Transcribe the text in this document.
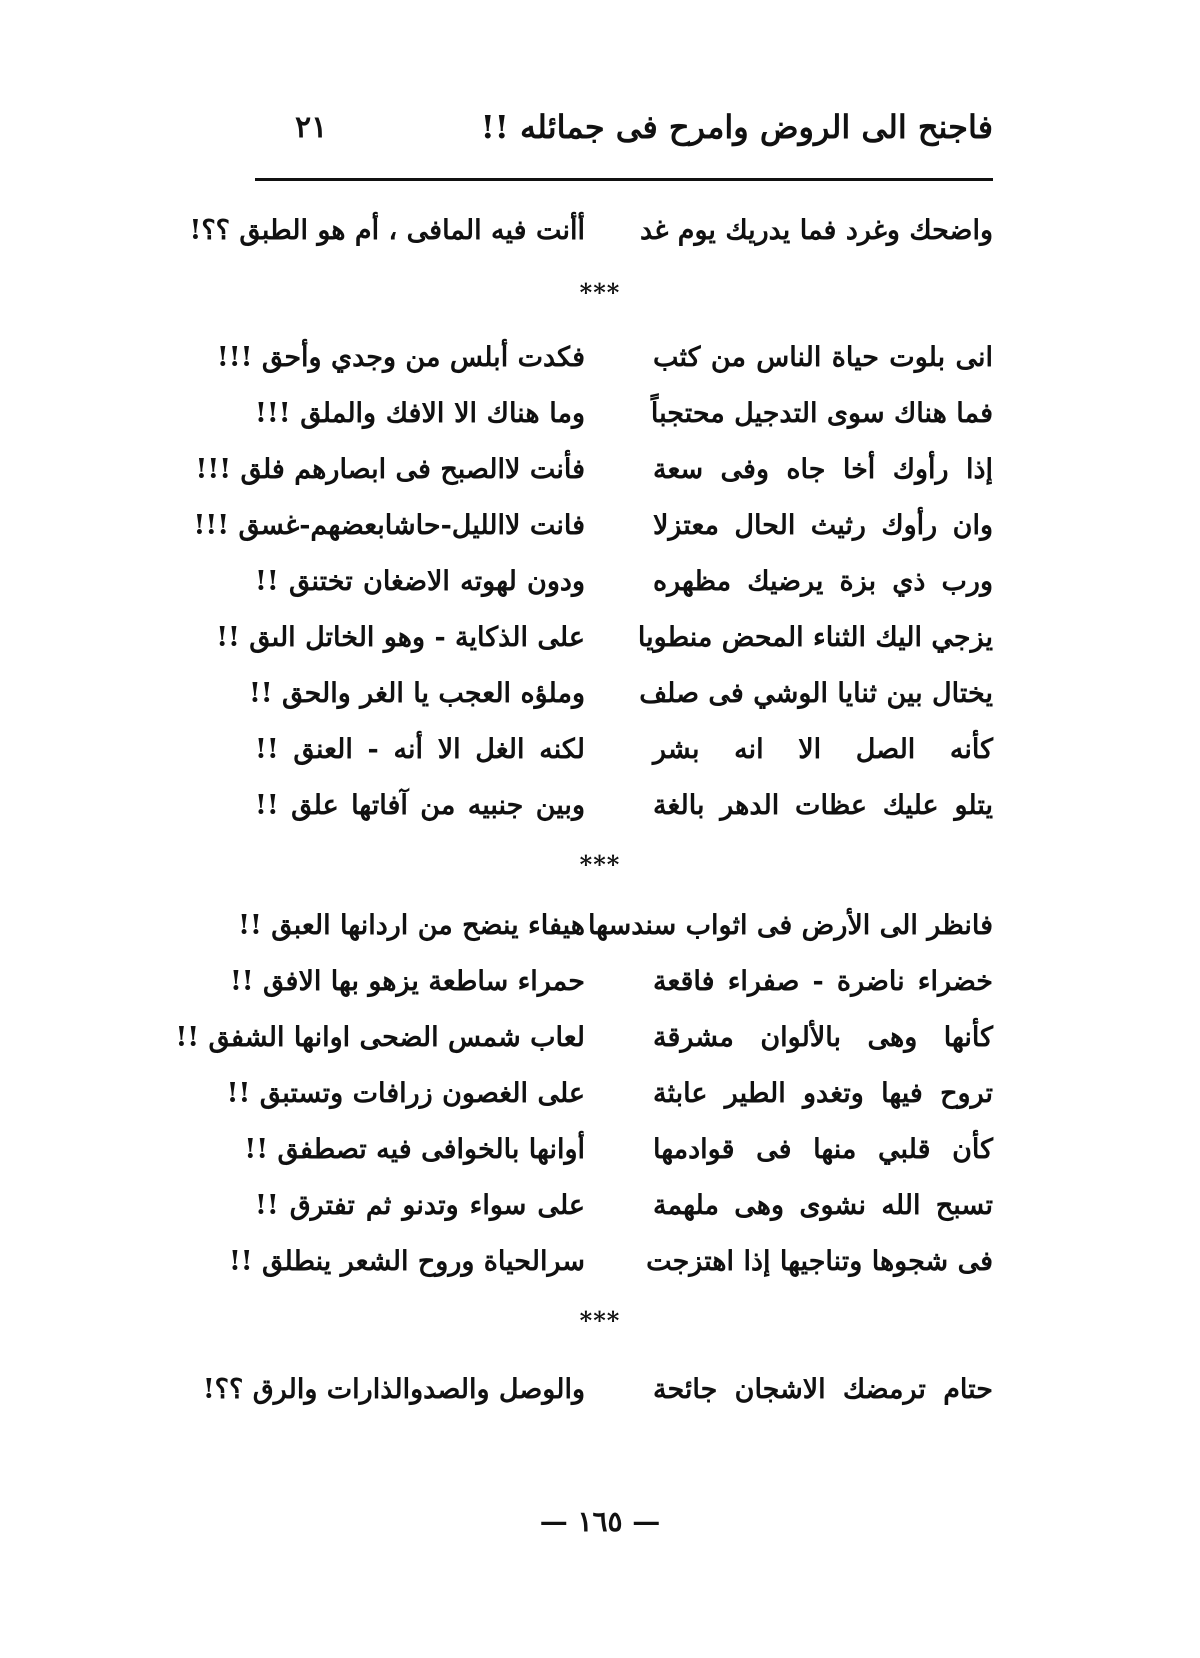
فاجنح الى الروض وامرح فى جمائله !!
٢١
واضحك وغرد فما يدريك يوم غد
أأنت فيه المافى ، أم هو الطبق ؟؟!
***
انى بلوت حياة الناس من كثب
فكدت أبلس من وجدي وأحق !!!
فما هناك سوى التدجيل محتجباً
وما هناك الا الافك والملق !!!
إذا رأوك أخا جاه وفى سعة
فأنت لاالصبح فى ابصارهم فلق !!!
وان رأوك رثيث الحال معتزلا
فانت لاالليل-حاشابعضهم-غسق !!!
ورب ذي بزة يرضيك مظهره
ودون لهوته الاضغان تختنق !!
يزجي اليك الثناء المحض منطويا
على الذكاية - وهو الخاتل الىق !!
يختال بين ثنايا الوشي فى صلف
وملؤه العجب يا الغر والحق !!
كأنه الصل الا انه بشر
لكنه الغل الا أنه - العنق !!
يتلو عليك عظات الدهر بالغة
وبين جنبيه من آفاتها علق !!
***
فانظر الى الأرض فى اثواب سندسها
هيفاء ينضح من اردانها العبق !!
خضراء ناضرة - صفراء فاقعة
حمراء ساطعة يزهو بها الافق !!
كأنها وهى بالألوان مشرقة
لعاب شمس الضحى اوانها الشفق !!
تروح فيها وتغدو الطير عابثة
على الغصون زرافات وتستبق !!
كأن قلبي منها فى قوادمها
أوانها بالخوافى فيه تصطفق !!
تسبح الله نشوى وهى ملهمة
على سواء وتدنو ثم تفترق !!
فى شجوها وتناجيها إذا اهتزجت
سرالحياة وروح الشعر ينطلق !!
***
حتام ترمضك الاشجان جائحة
والوصل والصدوالذارات والرق ؟؟!
— ١٦٥ —
